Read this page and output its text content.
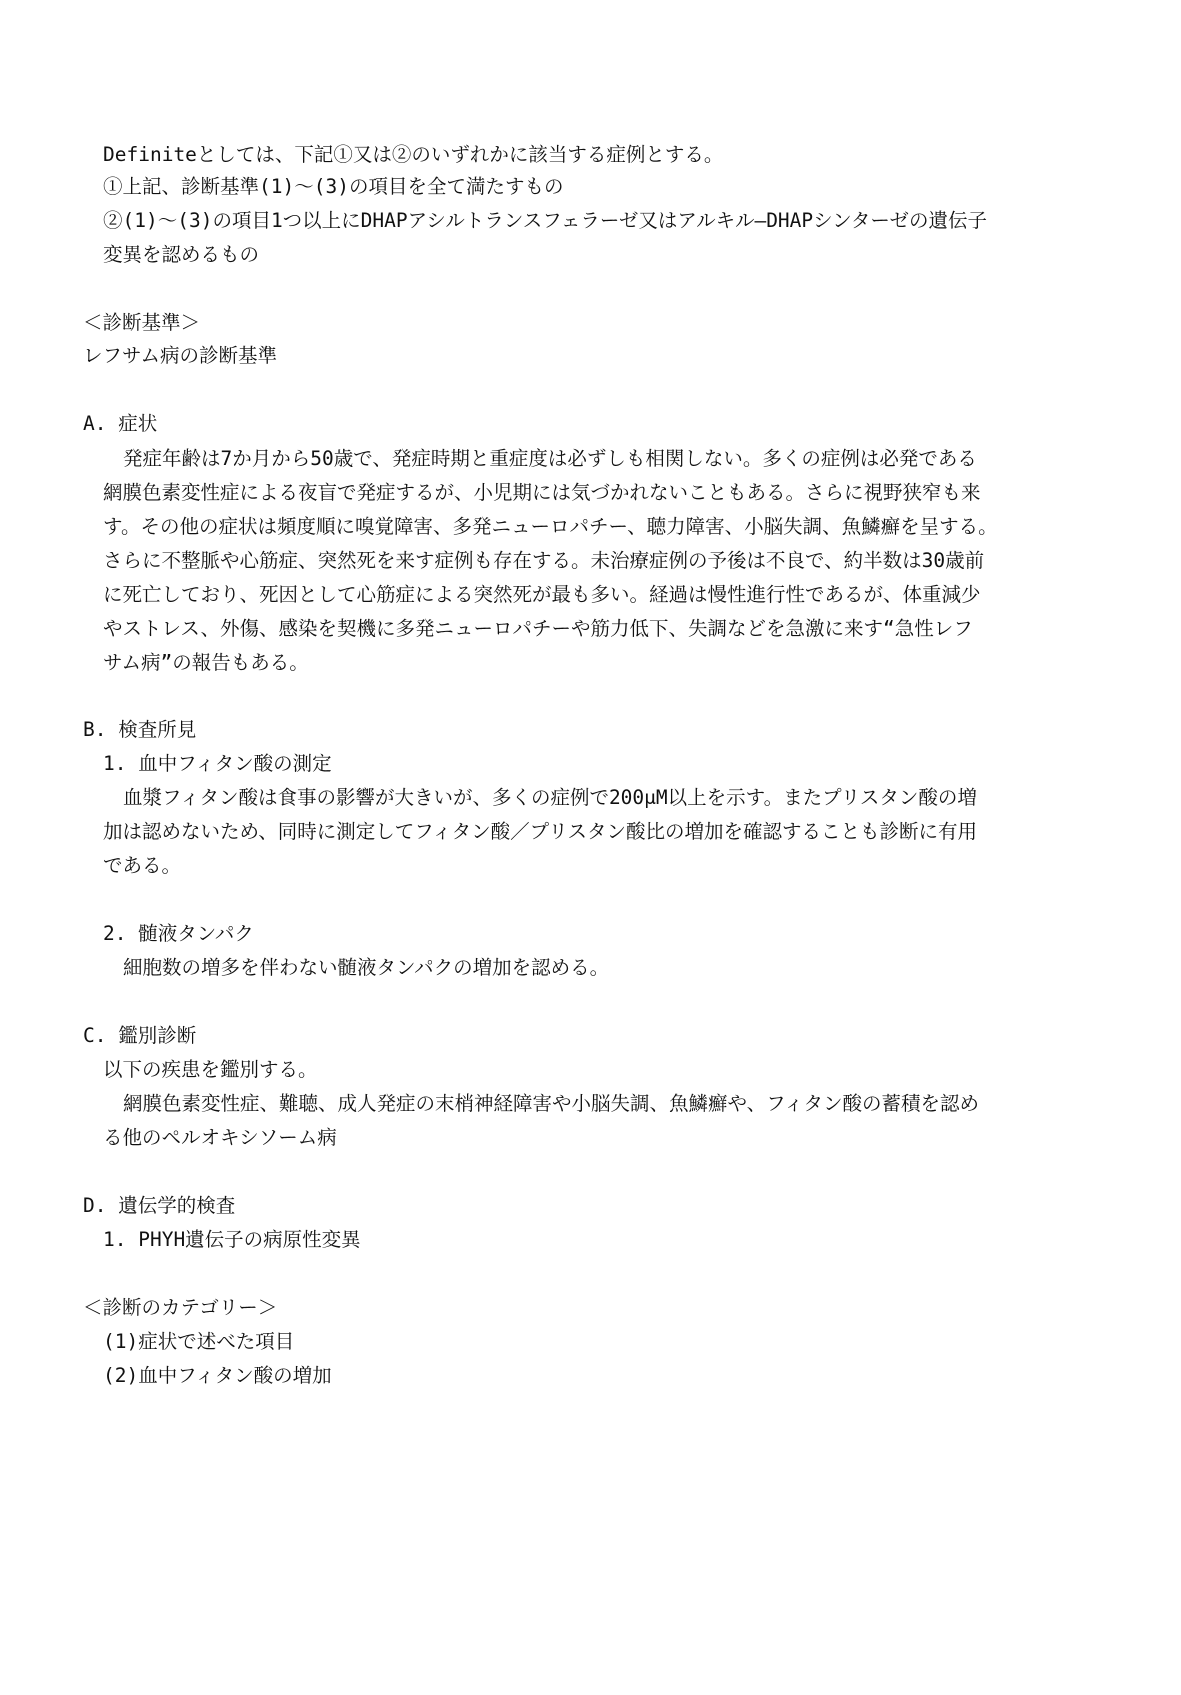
Definiteとしては、下記①又は②のいずれかに該当する症例とする。
①上記、診断基準(1)～(3)の項目を全て満たすもの
②(1)～(3)の項目1つ以上にDHAPアシルトランスフェラーゼ又はアルキル―DHAPシンターゼの遺伝子
変異を認めるもの
＜診断基準＞
レフサム病の診断基準
A. 症状
発症年齢は7か月から50歳で、発症時期と重症度は必ずしも相関しない。多くの症例は必発である
網膜色素変性症による夜盲で発症するが、小児期には気づかれないこともある。さらに視野狭窄も来
す。その他の症状は頻度順に嗅覚障害、多発ニューロパチー、聴力障害、小脳失調、魚鱗癬を呈する。
さらに不整脈や心筋症、突然死を来す症例も存在する。未治療症例の予後は不良で、約半数は30歳前
に死亡しており、死因として心筋症による突然死が最も多い。経過は慢性進行性であるが、体重減少
やストレス、外傷、感染を契機に多発ニューロパチーや筋力低下、失調などを急激に来す“急性レフ
サム病”の報告もある。
B. 検査所見
1. 血中フィタン酸の測定
血漿フィタン酸は食事の影響が大きいが、多くの症例で200μM以上を示す。またプリスタン酸の増
加は認めないため、同時に測定してフィタン酸／プリスタン酸比の増加を確認することも診断に有用
である。
2. 髄液タンパク
細胞数の増多を伴わない髄液タンパクの増加を認める。
C. 鑑別診断
以下の疾患を鑑別する。
網膜色素変性症、難聴、成人発症の末梢神経障害や小脳失調、魚鱗癬や、フィタン酸の蓄積を認め
る他のペルオキシソーム病
D. 遺伝学的検査
1. PHYH遺伝子の病原性変異
＜診断のカテゴリー＞
(1)症状で述べた項目
(2)血中フィタン酸の増加
